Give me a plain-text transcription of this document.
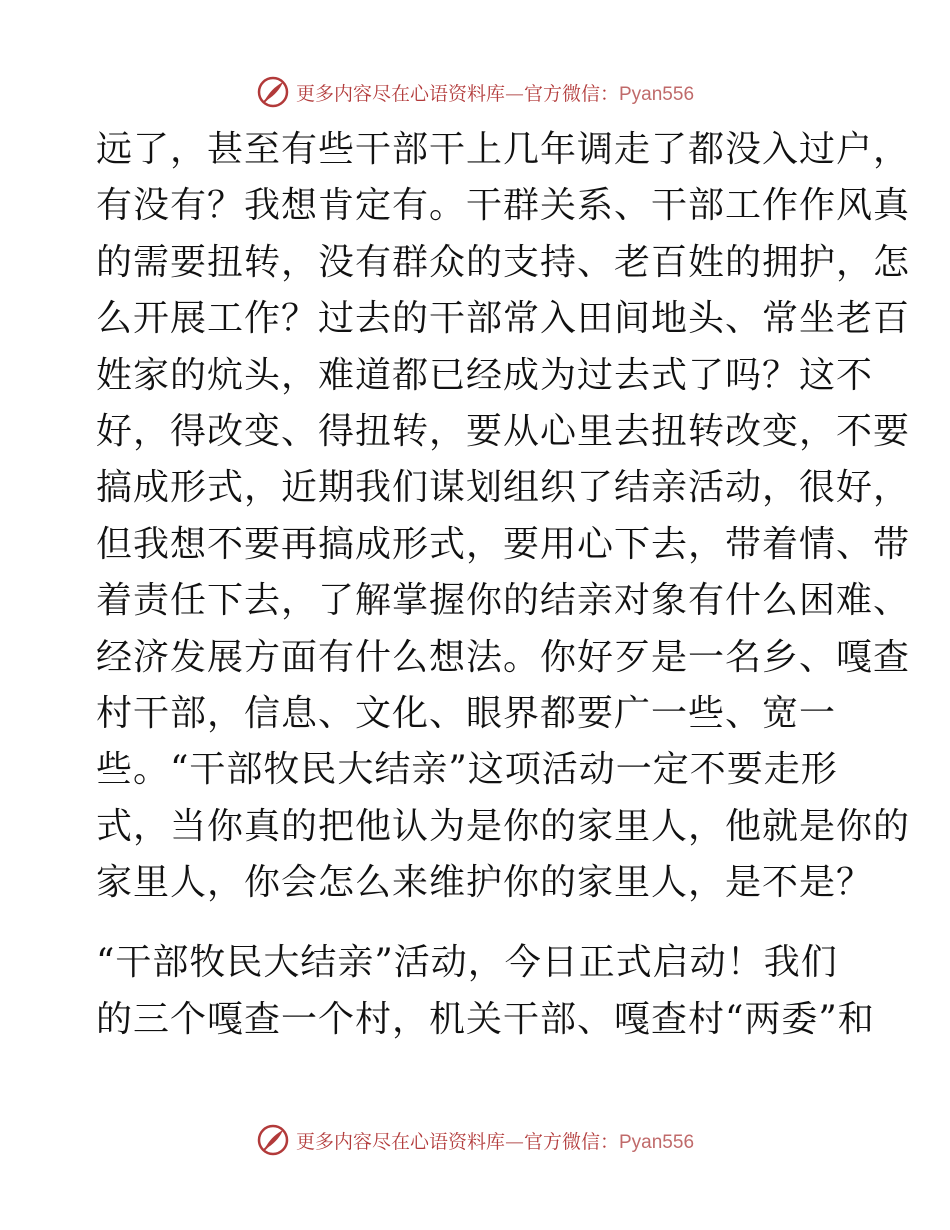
更多内容尽在心语资料库—官方微信：Pyan556
远了，甚至有些干部干上几年调走了都没入过户，
有没有？我想肯定有。干群关系、干部工作作风真
的需要扭转，没有群众的支持、老百姓的拥护，怎
么开展工作？过去的干部常入田间地头、常坐老百
姓家的炕头，难道都已经成为过去式了吗？这不
好，得改变、得扭转，要从心里去扭转改变，不要
搞成形式，近期我们谋划组织了结亲活动，很好，
但我想不要再搞成形式，要用心下去，带着情、带
着责任下去，了解掌握你的结亲对象有什么困难、
经济发展方面有什么想法。你好歹是一名乡、嘎查
村干部，信息、文化、眼界都要广一些、宽一
些。“干部牧民大结亲”这项活动一定不要走形
式，当你真的把他认为是你的家里人，他就是你的
家里人，你会怎么来维护你的家里人，是不是？
“干部牧民大结亲”活动，今日正式启动！我们
的三个嘎查一个村，机关干部、嘎查村“两委”和
更多内容尽在心语资料库—官方微信：Pyan556
